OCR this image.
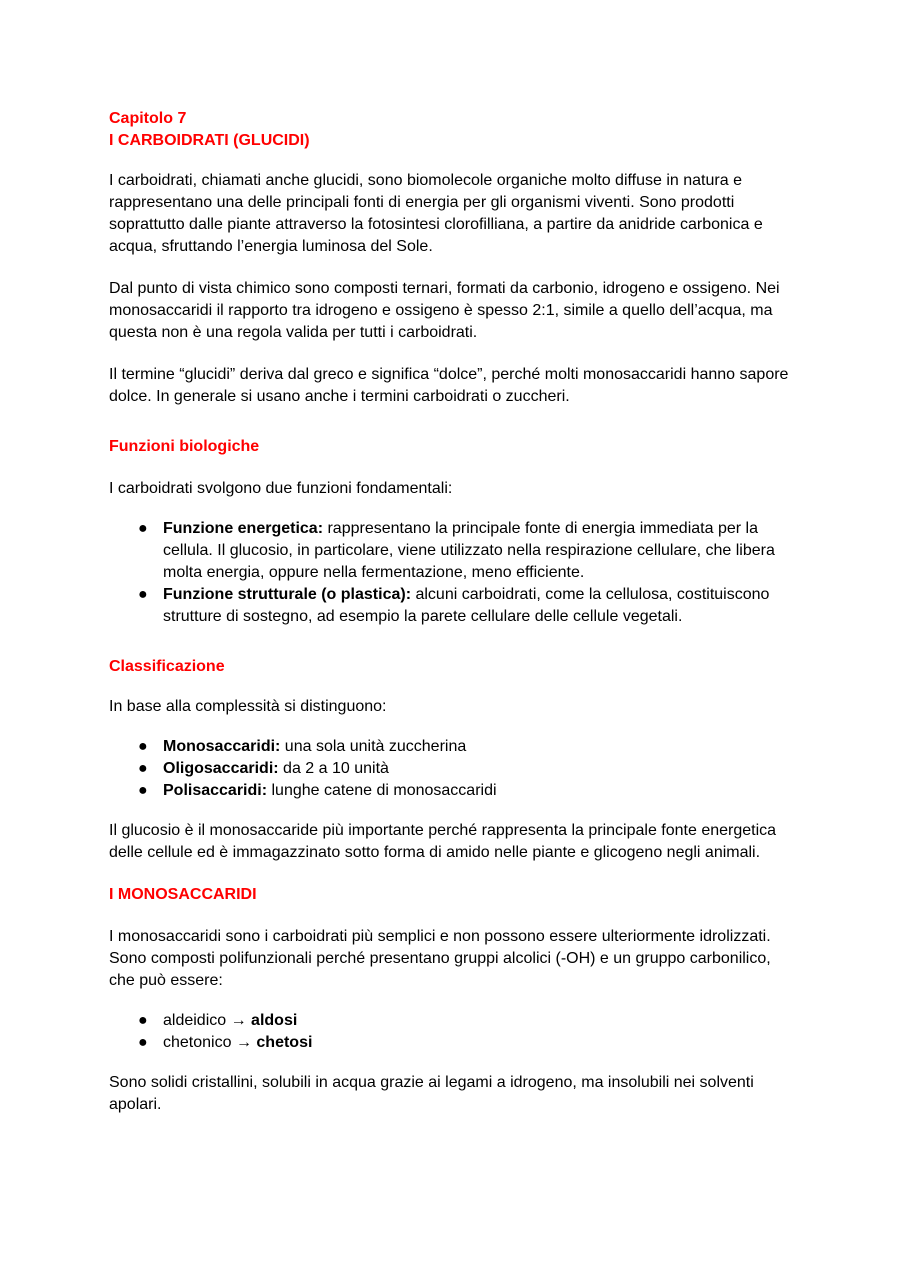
Capitolo 7
I CARBOIDRATI (GLUCIDI)

I carboidrati, chiamati anche glucidi, sono biomolecole organiche molto diffuse in natura e rappresentano una delle principali fonti di energia per gli organismi viventi. Sono prodotti soprattutto dalle piante attraverso la fotosintesi clorofilliana, a partire da anidride carbonica e acqua, sfruttando l’energia luminosa del Sole.

Dal punto di vista chimico sono composti ternari, formati da carbonio, idrogeno e ossigeno. Nei monosaccaridi il rapporto tra idrogeno e ossigeno è spesso 2:1, simile a quello dell’acqua, ma questa non è una regola valida per tutti i carboidrati.

Il termine “glucidi” deriva dal greco e significa “dolce”, perché molti monosaccaridi hanno sapore dolce. In generale si usano anche i termini carboidrati o zuccheri.

Funzioni biologiche

I carboidrati svolgono due funzioni fondamentali:

● Funzione energetica: rappresentano la principale fonte di energia immediata per la cellula. Il glucosio, in particolare, viene utilizzato nella respirazione cellulare, che libera molta energia, oppure nella fermentazione, meno efficiente.
● Funzione strutturale (o plastica): alcuni carboidrati, come la cellulosa, costituiscono strutture di sostegno, ad esempio la parete cellulare delle cellule vegetali.
Classificazione

In base alla complessità si distinguono:

● Monosaccaridi: una sola unità zuccherina
● Oligosaccaridi: da 2 a 10 unità
● Polisaccaridi: lunghe catene di monosaccaridi

Il glucosio è il monosaccaride più importante perché rappresenta la principale fonte energetica delle cellule ed è immagazzinato sotto forma di amido nelle piante e glicogeno negli animali.

I MONOSACCARIDI

I monosaccaridi sono i carboidrati più semplici e non possono essere ulteriormente idrolizzati. Sono composti polifunzionali perché presentano gruppi alcolici (-OH) e un gruppo carbonilico, che può essere:

● aldeidico → aldosi
● chetonico → chetosi

Sono solidi cristallini, solubili in acqua grazie ai legami a idrogeno, ma insolubili nei solventi apolari.
